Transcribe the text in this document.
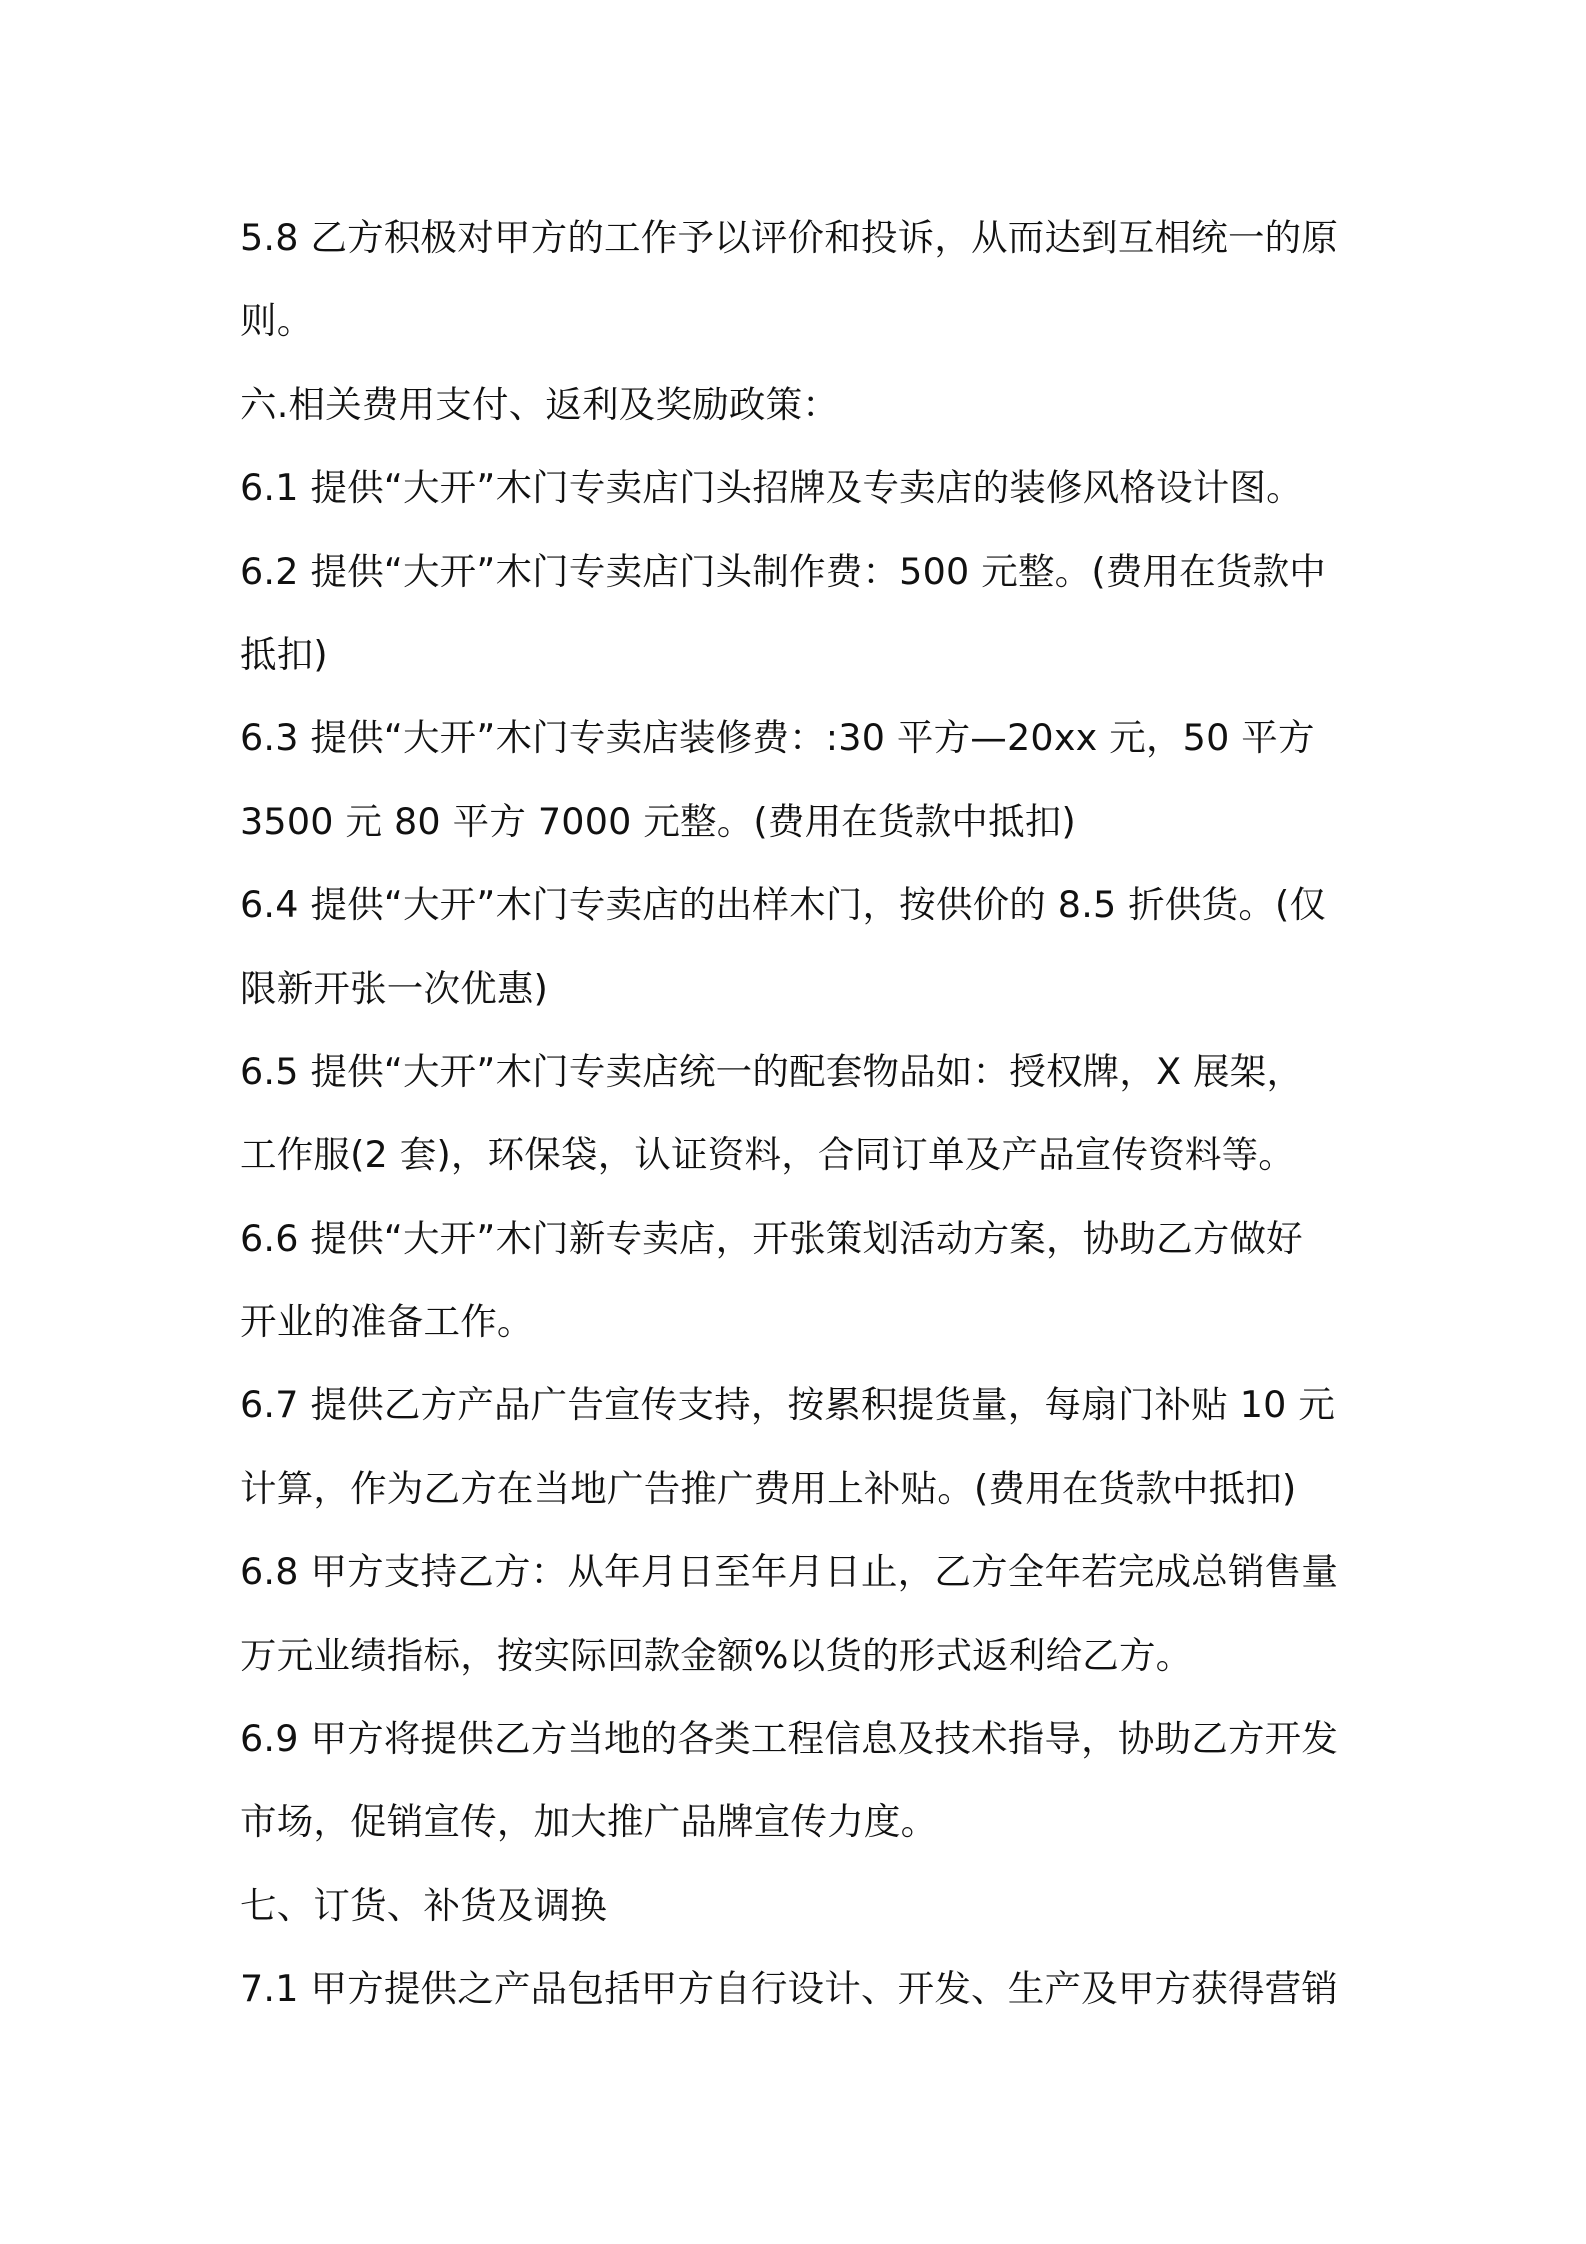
5.8 乙方积极对甲方的工作予以评价和投诉，从而达到互相统一的原
则。
六.相关费用支付、返利及奖励政策：
6.1 提供“大开”木门专卖店门头招牌及专卖店的装修风格设计图。
6.2 提供“大开”木门专卖店门头制作费：500 元整。(费用在货款中
抵扣)
6.3 提供“大开”木门专卖店装修费：:30 平方—20xx 元，50 平方
3500 元 80 平方 7000 元整。(费用在货款中抵扣)
6.4 提供“大开”木门专卖店的出样木门，按供价的 8.5 折供货。(仅
限新开张一次优惠)
6.5 提供“大开”木门专卖店统一的配套物品如：授权牌，X 展架，
工作服(2 套)，环保袋，认证资料，合同订单及产品宣传资料等。
6.6 提供“大开”木门新专卖店，开张策划活动方案，协助乙方做好
开业的准备工作。
6.7 提供乙方产品广告宣传支持，按累积提货量，每扇门补贴 10 元
计算，作为乙方在当地广告推广费用上补贴。(费用在货款中抵扣)
6.8 甲方支持乙方：从年月日至年月日止，乙方全年若完成总销售量
万元业绩指标，按实际回款金额%以货的形式返利给乙方。
6.9 甲方将提供乙方当地的各类工程信息及技术指导，协助乙方开发
市场，促销宣传，加大推广品牌宣传力度。
七、订货、补货及调换
7.1 甲方提供之产品包括甲方自行设计、开发、生产及甲方获得营销
